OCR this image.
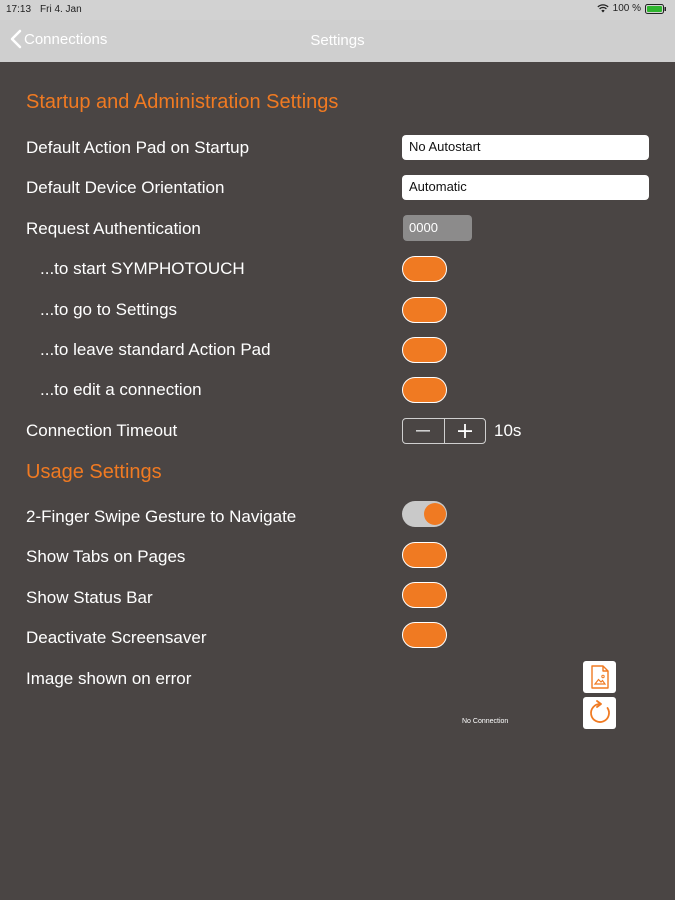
17:13 Fri 4. Jan	100 %
Connections	Settings
Startup and Administration Settings
Default Action Pad on Startup	No Autostart
Default Device Orientation	Automatic
Request Authentication	0000
...to start SYMPHOTOUCH
...to go to Settings
...to leave standard Action Pad
...to edit a connection
Connection Timeout	10s
Usage Settings
2-Finger Swipe Gesture to Navigate
Show Tabs on Pages
Show Status Bar
Deactivate Screensaver
Image shown on error
No Connection
